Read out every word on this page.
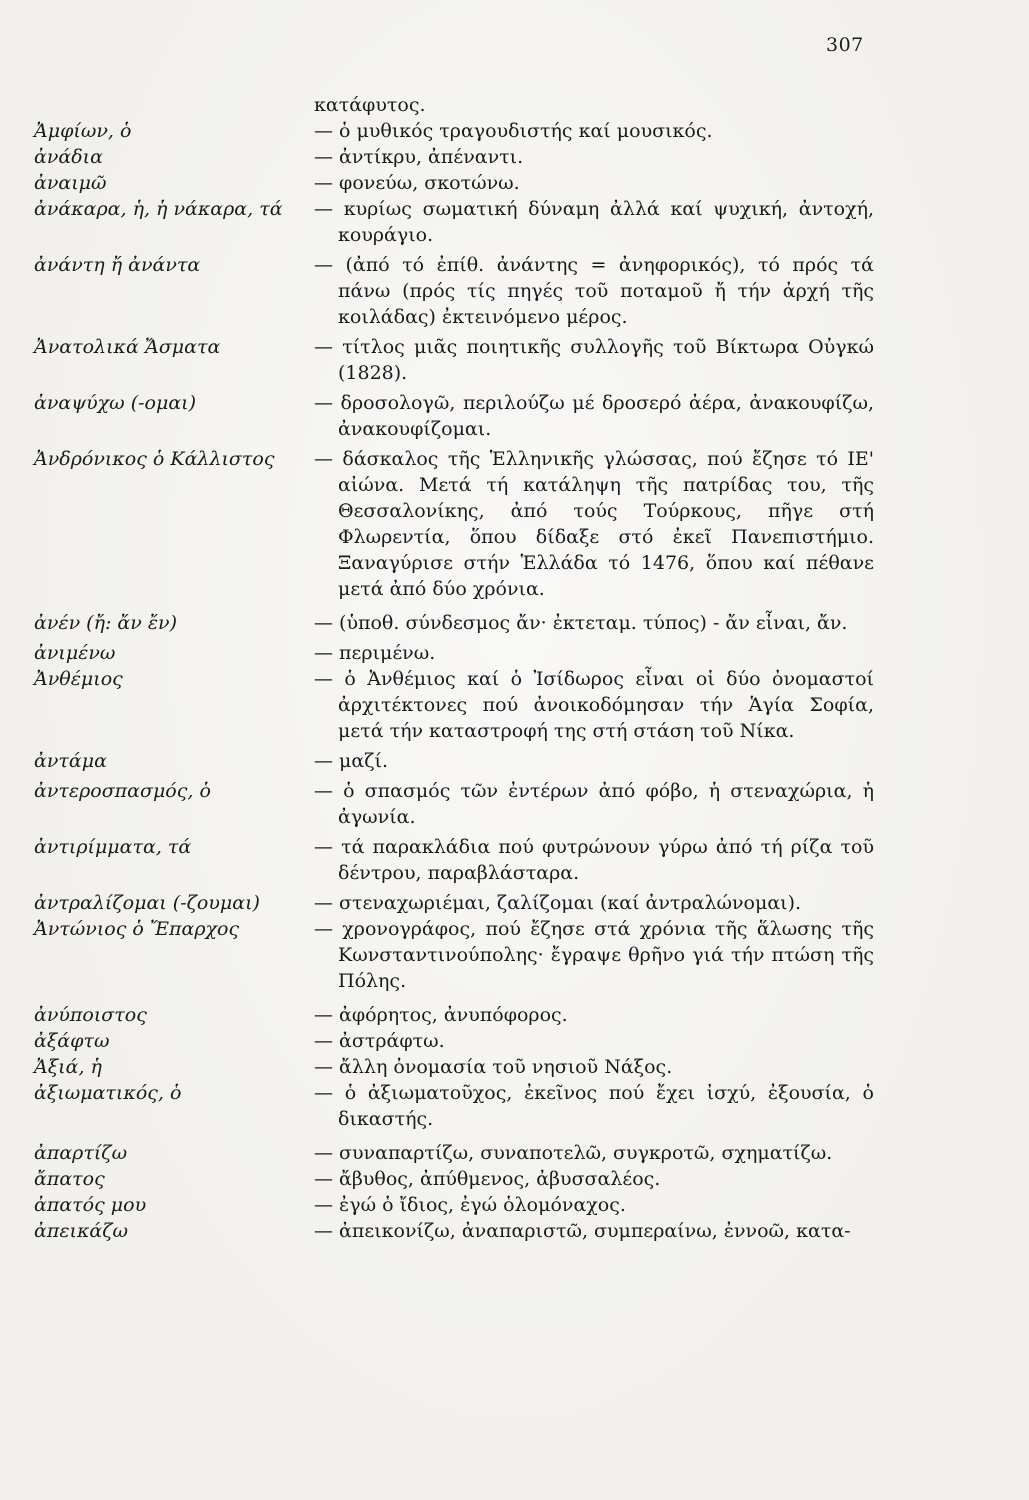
307
κατάφυτος.
Ἀμφίων, ὁ	— ὁ μυθικός τραγουδιστής καί μουσικός.
ἀνάδια	— ἀντίκρυ, ἀπέναντι.
ἀναιμῶ	— φονεύω, σκοτώνω.
ἀνάκαρα, ἡ, ἡ νάκαρα, τά	— κυρίως σωματική δύναμη ἀλλά καί ψυχική, ἀντοχή, κουράγιο.
ἀνάντη ἤ ἀνάντα	— (ἀπό τό ἐπίθ. ἀνάντης = ἀνηφορικός), τό πρός τά πάνω (πρός τίς πηγές τοῦ ποταμοῦ ἤ τήν ἀρχή τῆς κοιλάδας) ἐκτεινόμενο μέρος.
Ἀνατολικά Ἄσματα	— τίτλος μιᾶς ποιητικῆς συλλογῆς τοῦ Βίκτωρα Οὐγκώ (1828).
ἀναψύχω (-ομαι)	— δροσολογῶ, περιλούζω μέ δροσερό ἀέρα, ἀνακουφίζω, ἀνακουφίζομαι.
Ἀνδρόνικος ὁ Κάλλιστος	— δάσκαλος τῆς Ἑλληνικῆς γλώσσας, πού ἔζησε τό ΙΕ' αἰώνα. Μετά τή κατάληψη τῆς πατρίδας του, τῆς Θεσσαλονίκης, ἀπό τούς Τούρκους, πῆγε στή Φλωρεντία, ὅπου δίδαξε στό ἐκεῖ Πανεπιστήμιο. Ξαναγύρισε στήν Ἑλλάδα τό 1476, ὅπου καί πέθανε μετά ἀπό δύο χρόνια.
ἀνέν (ἤ: ἄν ἔν)	— (ὑποθ. σύνδεσμος ἄν· ἐκτεταμ. τύπος) - ἄν εἶναι, ἄν.
ἀνιμένω	— περιμένω.
Ἀνθέμιος	— ὁ Ἀνθέμιος καί ὁ Ἰσίδωρος εἶναι οἱ δύο ὀνομαστοί ἀρχιτέκτονες πού ἀνοικοδόμησαν τήν Ἁγία Σοφία, μετά τήν καταστροφή της στή στάση τοῦ Νίκα.
ἀντάμα	— μαζί.
ἀντεροσπασμός, ὁ	— ὁ σπασμός τῶν ἐντέρων ἀπό φόβο, ἡ στεναχώρια, ἡ ἀγωνία.
ἀντιρίμματα, τά	— τά παρακλάδια πού φυτρώνουν γύρω ἀπό τή ρίζα τοῦ δέντρου, παραβλάσταρα.
ἀντραλίζομαι (-ζουμαι)	— στεναχωριέμαι, ζαλίζομαι (καί ἀντραλώνομαι).
Ἀντώνιος ὁ Ἔπαρχος	— χρονογράφος, πού ἔζησε στά χρόνια τῆς ἅλωσης τῆς Κωνσταντινούπολης· ἔγραψε θρῆνο γιά τήν πτώση τῆς Πόλης.
ἀνύποιστος	— ἀφόρητος, ἀνυπόφορος.
ἀξάφτω	— ἀστράφτω.
Ἀξιά, ἡ	— ἄλλη ὀνομασία τοῦ νησιοῦ Νάξος.
ἀξιωματικός, ὁ	— ὁ ἀξιωματοῦχος, ἐκεῖνος πού ἔχει ἰσχύ, ἐξουσία, ὁ δικαστής.
ἀπαρτίζω	— συναπαρτίζω, συναποτελῶ, συγκροτῶ, σχηματίζω.
ἄπατος	— ἄβυθος, ἀπύθμενος, ἀβυσσαλέος.
ἀπατός μου	— ἐγώ ὁ ἴδιος, ἐγώ ὁλομόναχος.
ἀπεικάζω	— ἀπεικονίζω, ἀναπαριστῶ, συμπεραίνω, ἐννοῶ, κατα-
